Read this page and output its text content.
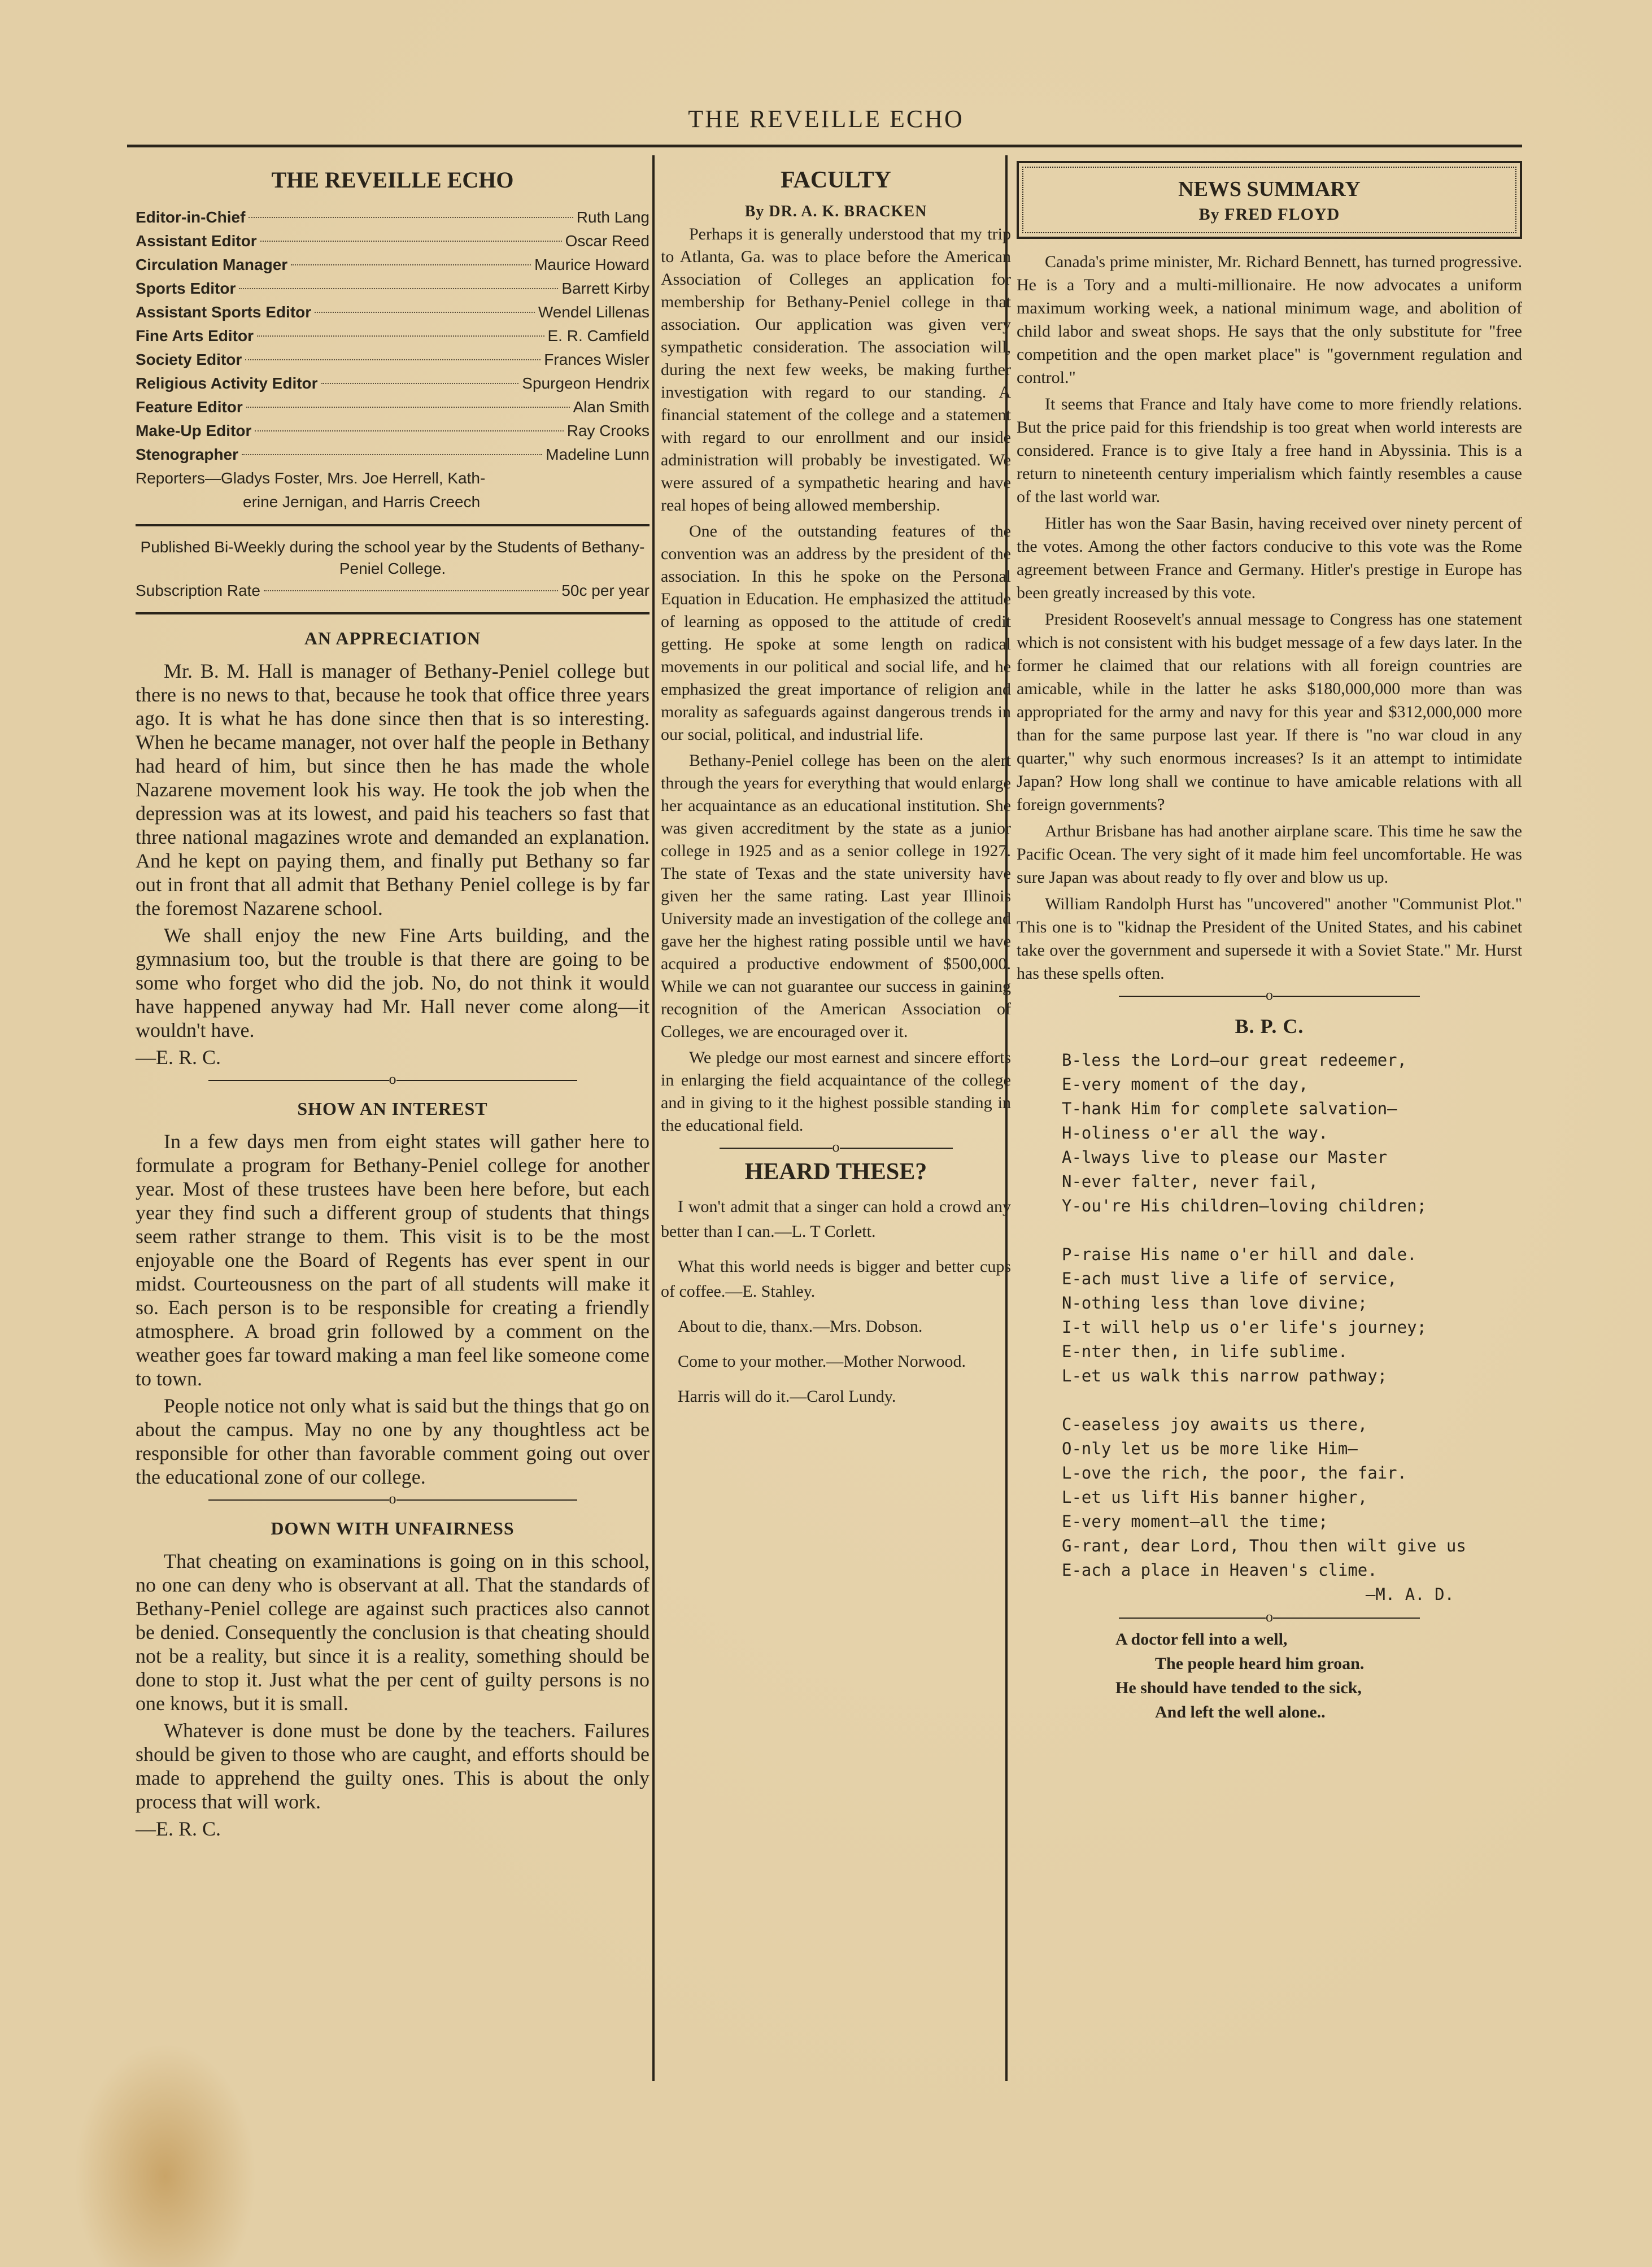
THE REVEILLE ECHO
THE REVEILLE ECHO
Editor-in-Chief	Ruth Lang
Assistant Editor	Oscar Reed
Circulation Manager	Maurice Howard
Sports Editor	Barrett Kirby
Assistant Sports Editor	Wendel Lillenas
Fine Arts Editor	E. R. Camfield
Society Editor	Frances Wisler
Religious Activity Editor	Spurgeon Hendrix
Feature Editor	Alan Smith
Make-Up Editor	Ray Crooks
Stenographer	Madeline Lunn
Reporters—Gladys Foster, Mrs. Joe Herrell, Kath-
erine Jernigan, and Harris Creech
Published Bi-Weekly during the school year by the Students of Bethany-Peniel College.
Subscription Rate	50c per year
AN APPRECIATION

Mr. B. M. Hall is manager of Bethany-Peniel college but there is no news to that, because he took that office three years ago. It is what he has done since then that is so interesting. When he became manager, not over half the people in Bethany had heard of him, but since then he has made the whole Nazarene movement look his way. He took the job when the depression was at its lowest, and paid his teachers so fast that three national magazines wrote and demanded an explanation. And he kept on paying them, and finally put Bethany so far out in front that all admit that Bethany Peniel college is by far the foremost Nazarene school.

We shall enjoy the new Fine Arts building, and the gymnasium too, but the trouble is that there are going to be some who forget who did the job. No, do not think it would have happened anyway had Mr. Hall never come along—it wouldn't have.

—E. R. C.

o
SHOW AN INTEREST

In a few days men from eight states will gather here to formulate a program for Bethany-Peniel college for another year. Most of these trustees have been here before, but each year they find such a different group of students that things seem rather strange to them. This visit is to be the most enjoyable one the Board of Regents has ever spent in our midst. Courteousness on the part of all students will make it so. Each person is to be responsible for creating a friendly atmosphere. A broad grin followed by a comment on the weather goes far toward making a man feel like someone come to town.

People notice not only what is said but the things that go on about the campus. May no one by any thoughtless act be responsible for other than favorable comment going out over the educational zone of our college.

o
DOWN WITH UNFAIRNESS

That cheating on examinations is going on in this school, no one can deny who is observant at all. That the standards of Bethany-Peniel college are against such practices also cannot be denied. Consequently the conclusion is that cheating should not be a reality, but since it is a reality, something should be done to stop it. Just what the per cent of guilty persons is no one knows, but it is small.

Whatever is done must be done by the teachers. Failures should be given to those who are caught, and efforts should be made to apprehend the guilty ones. This is about the only process that will work.

—E. R. C.

FACULTY
By DR. A. K. BRACKEN

Perhaps it is generally understood that my trip to Atlanta, Ga. was to place before the American Association of Colleges an application for membership for Bethany-Peniel college in that association. Our application was given very sympathetic consideration. The association will, during the next few weeks, be making further investigation with regard to our standing. A financial statement of the college and a statement with regard to our enrollment and our inside administration will probably be investigated. We were assured of a sympathetic hearing and have real hopes of being allowed membership.

One of the outstanding features of the convention was an address by the president of the association. In this he spoke on the Personal Equation in Education. He emphasized the attitude of learning as opposed to the attitude of credit getting. He spoke at some length on radical movements in our political and social life, and he emphasized the great importance of religion and morality as safeguards against dangerous trends in our social, political, and industrial life.

Bethany-Peniel college has been on the alert through the years for everything that would enlarge her acquaintance as an educational institution. She was given accreditment by the state as a junior college in 1925 and as a senior college in 1927. The state of Texas and the state university have given her the same rating. Last year Illinois University made an investigation of the college and gave her the highest rating possible until we have acquired a productive endowment of $500,000. While we can not guarantee our success in gaining recognition of the American Association of Colleges, we are encouraged over it.

We pledge our most earnest and sincere efforts in enlarging the field acquaintance of the college and in giving to it the highest possible standing in the educational field.

o
HEARD THESE?

I won't admit that a singer can hold a crowd any better than I can.—L. T Corlett.

What this world needs is bigger and better cups of coffee.—E. Stahley.

About to die, thanx.—Mrs. Dobson.

Come to your mother.—Mother Norwood.

Harris will do it.—Carol Lundy.

NEWS SUMMARY
By FRED FLOYD

Canada's prime minister, Mr. Richard Bennett, has turned progressive. He is a Tory and a multi-millionaire. He now advocates a uniform maximum working week, a national minimum wage, and abolition of child labor and sweat shops. He says that the only substitute for "free competition and the open market place" is "government regulation and control."

It seems that France and Italy have come to more friendly relations. But the price paid for this friendship is too great when world interests are considered. France is to give Italy a free hand in Abyssinia. This is a return to nineteenth century imperialism which faintly resembles a cause of the last world war.

Hitler has won the Saar Basin, having received over ninety percent of the votes. Among the other factors conducive to this vote was the Rome agreement between France and Germany. Hitler's prestige in Europe has been greatly increased by this vote.

President Roosevelt's annual message to Congress has one statement which is not consistent with his budget message of a few days later. In the former he claimed that our relations with all foreign countries are amicable, while in the latter he asks $180,000,000 more than was appropriated for the army and navy for this year and $312,000,000 more than for the same purpose last year. If there is "no war cloud in any quarter," why such enormous increases? Is it an attempt to intimidate Japan? How long shall we continue to have amicable relations with all foreign governments?

Arthur Brisbane has had another airplane scare. This time he saw the Pacific Ocean. The very sight of it made him feel uncomfortable. He was sure Japan was about ready to fly over and blow us up.

William Randolph Hurst has "uncovered" another "Communist Plot." This one is to "kidnap the President of the United States, and his cabinet take over the government and supersede it with a Soviet State." Mr. Hurst has these spells often.

o
B. P. C.
B-less the Lord—our great redeemer,
E-very moment of the day,
T-hank Him for complete salvation—
H-oliness o'er all the way.
A-lways live to please our Master
N-ever falter, never fail,
Y-ou're His children—loving children;
P-raise His name o'er hill and dale.
E-ach must live a life of service,
N-othing less than love divine;
I-t will help us o'er life's journey;
E-nter then, in life sublime.
L-et us walk this narrow pathway;
C-easeless joy awaits us there,
O-nly let us be more like Him—
L-ove the rich, the poor, the fair.
L-et us lift His banner higher,
E-very moment—all the time;
G-rant, dear Lord, Thou then wilt give us
E-ach a place in Heaven's clime.
—M. A. D.
o
A doctor fell into a well,
The people heard him groan.
He should have tended to the sick,
And left the well alone..
